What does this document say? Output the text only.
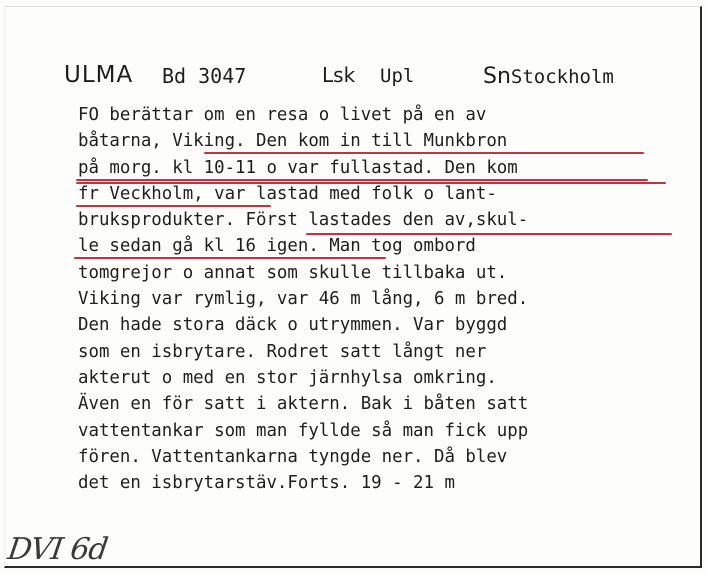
ULMA Bd 3047	Lsk Upl	SnStockholm
FO berättar om en resa o livet på en av
båtarna, Viking. Den kom in till Munkbron
på morg. kl 10-11 o var fullastad. Den kom
fr Veckholm, var lastad med folk o lant-
bruksprodukter. Först lastades den av,skul-
le sedan gå kl 16 igen. Man tog ombord
tomgrejor o annat som skulle tillbaka ut.
Viking var rymlig, var 46 m lång, 6 m bred.
Den hade stora däck o utrymmen. Var byggd
som en isbrytare. Rodret satt långt ner
akterut o med en stor järnhylsa omkring.
Även en för satt i aktern. Bak i båten satt
vattentankar som man fyllde så man fick upp
fören. Vattentankarna tyngde ner. Då blev
det en isbrytarstäv.Forts. 19 - 21 m
DVI 6d
